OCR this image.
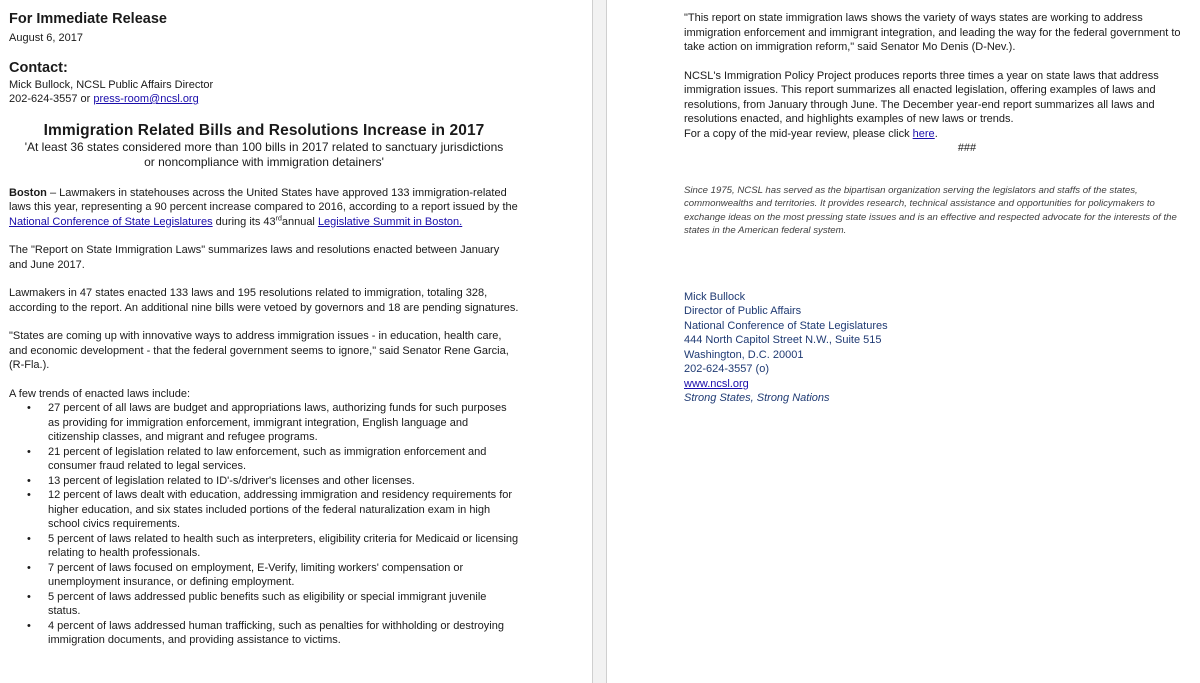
For Immediate Release

August 6, 2017

Contact:

Mick Bullock, NCSL Public Affairs Director

202-624-3557 or press-room@ncsl.org

Immigration Related Bills and Resolutions Increase in 2017

'At least 36 states considered more than 100 bills in 2017 related to sanctuary jurisdictions or noncompliance with immigration detainers'

Boston – Lawmakers in statehouses across the United States have approved 133 immigration-related laws this year, representing a 90 percent increase compared to 2016, according to a report issued by the National Conference of State Legislatures during its 43rdannual Legislative Summit in Boston.

The "Report on State Immigration Laws" summarizes laws and resolutions enacted between January and June 2017.

Lawmakers in 47 states enacted 133 laws and 195 resolutions related to immigration, totaling 328, according to the report. An additional nine bills were vetoed by governors and 18 are pending signatures.

"States are coming up with innovative ways to address immigration issues - in education, health care, and economic development - that the federal government seems to ignore," said Senator Rene Garcia, (R-Fla.).

A few trends of enacted laws include:

• 27 percent of all laws are budget and appropriations laws, authorizing funds for such purposes as providing for immigration enforcement, immigrant integration, English language and citizenship classes, and migrant and refugee programs.
• 21 percent of legislation related to law enforcement, such as immigration enforcement and consumer fraud related to legal services.
• 13 percent of legislation related to ID'-s/driver's licenses and other licenses.
• 12 percent of laws dealt with education, addressing immigration and residency requirements for higher education, and six states included portions of the federal naturalization exam in high school civics requirements.
• 5 percent of laws related to health such as interpreters, eligibility criteria for Medicaid or licensing relating to health professionals.
• 7 percent of laws focused on employment, E-Verify, limiting workers' compensation or unemployment insurance, or defining employment.
• 5 percent of laws addressed public benefits such as eligibility or special immigrant juvenile status.
• 4 percent of laws addressed human trafficking, such as penalties for withholding or destroying immigration documents, and providing assistance to victims.

"This report on state immigration laws shows the variety of ways states are working to address immigration enforcement and immigrant integration, and leading the way for the federal government to take action on immigration reform," said Senator Mo Denis (D-Nev.).

NCSL's Immigration Policy Project produces reports three times a year on state laws that address immigration issues. This report summarizes all enacted legislation, offering examples of laws and resolutions, from January through June. The December year-end report summarizes all laws and resolutions enacted, and highlights examples of new laws or trends.

For a copy of the mid-year review, please click here.

###

Since 1975, NCSL has served as the bipartisan organization serving the legislators and staffs of the states, commonwealths and territories. It provides research, technical assistance and opportunities for policymakers to exchange ideas on the most pressing state issues and is an effective and respected advocate for the interests of the states in the American federal system.

Mick Bullock

Director of Public Affairs

National Conference of State Legislatures

444 North Capitol Street N.W., Suite 515

Washington, D.C. 20001

202-624-3557 (o)

www.ncsl.org

Strong States, Strong Nations
